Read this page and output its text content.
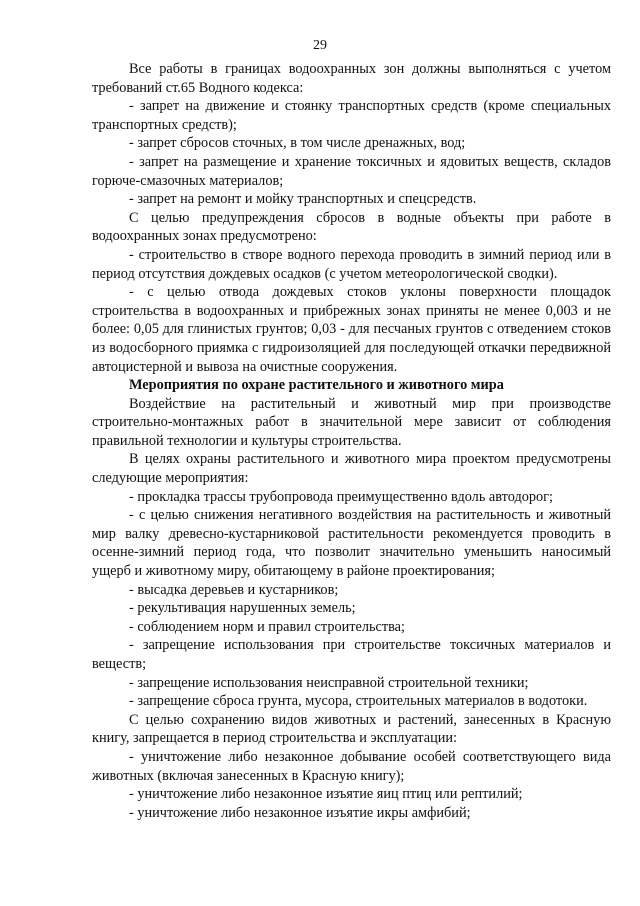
29

Все работы в границах водоохранных зон должны выполняться с учетом требований ст.65 Водного кодекса:

- запрет на движение и стоянку транспортных средств (кроме специальных транспортных средств);

- запрет сбросов сточных, в том числе дренажных, вод;

- запрет на размещение и хранение токсичных и ядовитых веществ, складов горюче-смазочных материалов;

- запрет на ремонт и мойку транспортных и спецсредств.

С целью предупреждения сбросов в водные объекты при работе в водоохранных зонах предусмотрено:

- строительство в створе водного перехода проводить в зимний период или в период отсутствия дождевых осадков (с учетом метеорологической сводки).

- с целью отвода дождевых стоков уклоны поверхности площадок строительства в водоохранных и прибрежных зонах приняты не менее 0,003 и не более: 0,05 для глинистых грунтов; 0,03 - для песчаных грунтов с отведением стоков из водосборного приямка с гидроизоляцией для последующей откачки передвижной автоцистерной и вывоза на очистные сооружения.

Мероприятия по охране растительного и животного мира

Воздействие на растительный и животный мир при производстве строительно-монтажных работ в значительной мере зависит от соблюдения правильной технологии и культуры строительства.

В целях охраны растительного и животного мира проектом предусмотрены следующие мероприятия:

- прокладка трассы трубопровода преимущественно вдоль автодорог;

- с целью снижения негативного воздействия на растительность и животный мир валку древесно-кустарниковой растительности рекомендуется проводить в осенне-зимний период года, что позволит значительно уменьшить наносимый ущерб и животному миру, обитающему в районе проектирования;

- высадка деревьев и кустарников;

- рекультивация нарушенных земель;

- соблюдением норм и правил строительства;

- запрещение использования при строительстве токсичных материалов и веществ;

- запрещение использования неисправной строительной техники;

- запрещение сброса грунта, мусора, строительных материалов в водотоки.

С целью сохранению видов животных и растений, занесенных в Красную книгу, запрещается в период строительства и эксплуатации:

- уничтожение либо незаконное добывание особей соответствующего вида животных (включая занесенных в Красную книгу);

- уничтожение либо незаконное изъятие яиц птиц или рептилий;

- уничтожение либо незаконное изъятие икры амфибий;
